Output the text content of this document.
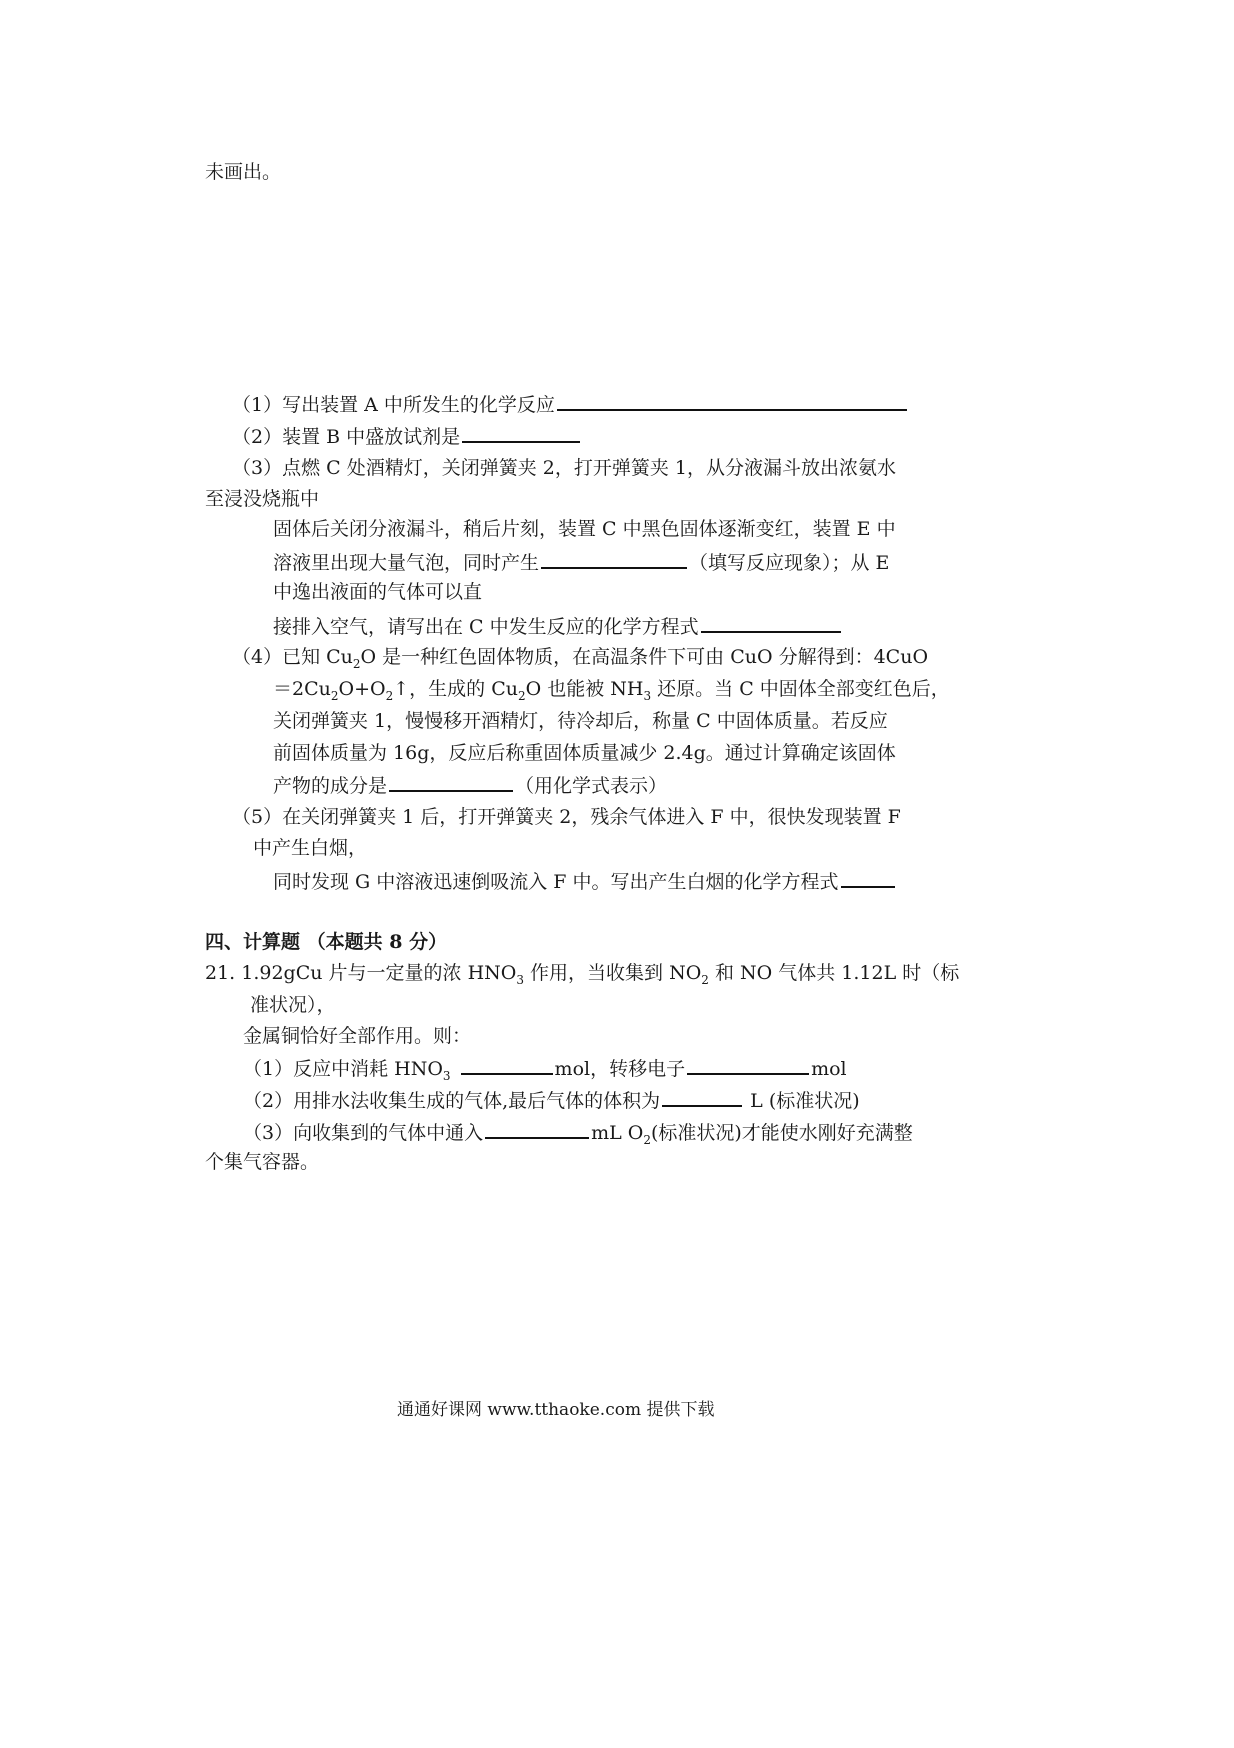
未画出。
（1）写出装置 A 中所发生的化学反应
（2）装置 B 中盛放试剂是
（3）点燃 C 处酒精灯，关闭弹簧夹 2，打开弹簧夹 1，从分液漏斗放出浓氨水
至浸没烧瓶中
固体后关闭分液漏斗，稍后片刻，装置 C 中黑色固体逐渐变红，装置 E 中
溶液里出现大量气泡，同时产生	（填写反应现象）；从 E
中逸出液面的气体可以直
接排入空气，请写出在 C 中发生反应的化学方程式
（4）已知 $Cu_2O$ 是一种红色固体物质，在高温条件下可由 CuO 分解得到：4CuO
$=2Cu_2O+O_2↑$，生成的 $Cu_2O$ 也能被 $NH_3$ 还原。当 C 中固体全部变红色后，
关闭弹簧夹 1，慢慢移开酒精灯，待冷却后，称量 C 中固体质量。若反应
前固体质量为 16g，反应后称重固体质量减少 2.4g。通过计算确定该固体
产物的成分是	（用化学式表示）
（5）在关闭弹簧夹 1 后，打开弹簧夹 2，残余气体进入 F 中，很快发现装置 F
中产生白烟，
同时发现 G 中溶液迅速倒吸流入 F 中。写出产生白烟的化学方程式
四、计算题 （本题共 8 分）
21. 1.92gCu 片与一定量的浓 $HNO_3$ 作用，当收集到 $NO_2$ 和 NO 气体共 1.12L 时（标
准状况），
金属铜恰好全部作用。则：
（1）反应中消耗 $HNO_3$	mol，转移电子	mol
（2）用排水法收集生成的气体,最后气体的体积为	L (标准状况)
（3）向收集到的气体中通入	mL $O_2$(标准状况)才能使水刚好充满整
个集气容器。
通通好课网 www.tthaoke.com 提供下载
